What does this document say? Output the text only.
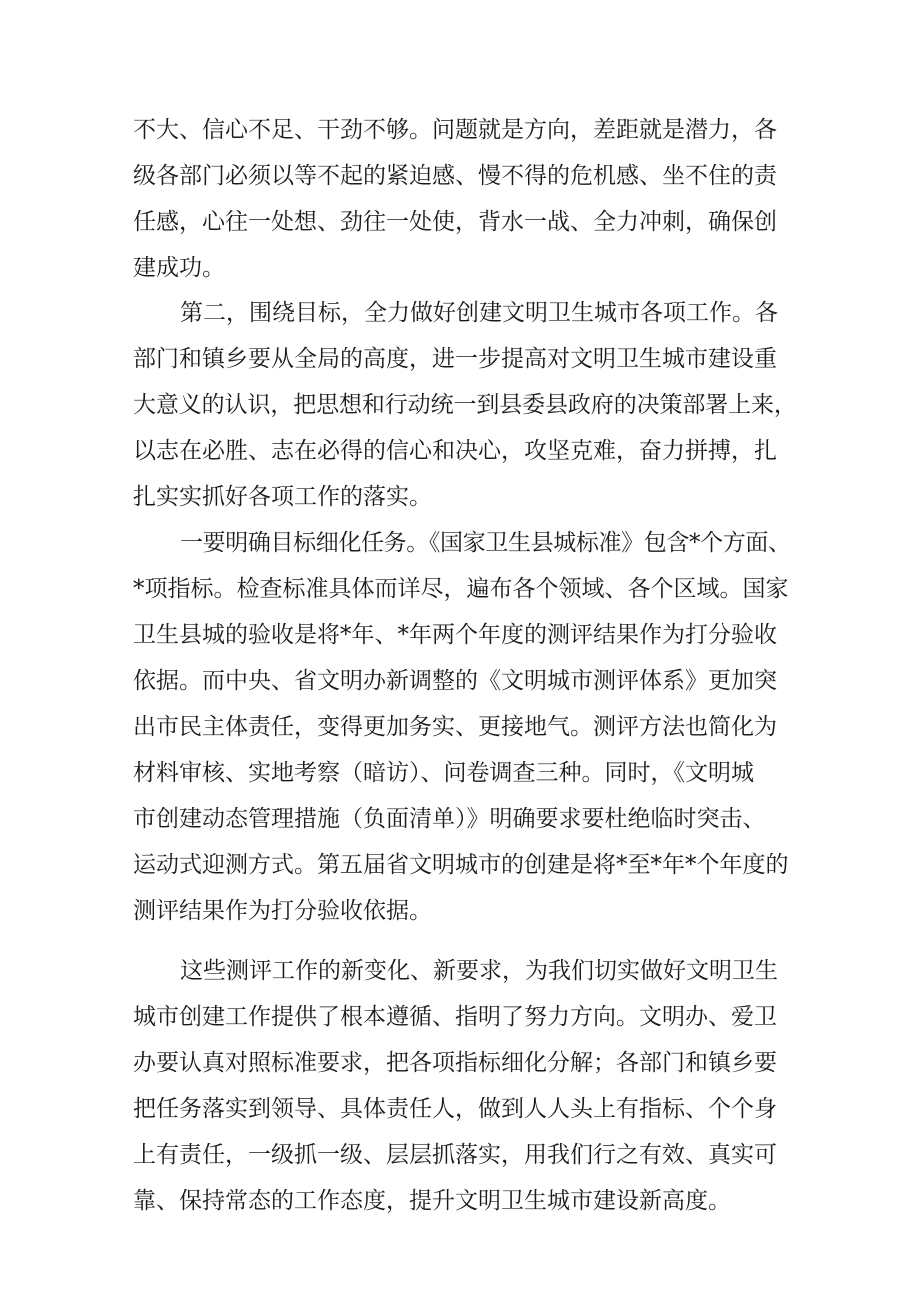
不大、信心不足、干劲不够。问题就是方向，差距就是潜力，各
级各部门必须以等不起的紧迫感、慢不得的危机感、坐不住的责
任感，心往一处想、劲往一处使，背水一战、全力冲刺，确保创
建成功。
第二，围绕目标，全力做好创建文明卫生城市各项工作。各
部门和镇乡要从全局的高度，进一步提高对文明卫生城市建设重
大意义的认识，把思想和行动统一到县委县政府的决策部署上来，
以志在必胜、志在必得的信心和决心，攻坚克难，奋力拼搏，扎
扎实实抓好各项工作的落实。
一要明确目标细化任务。《国家卫生县城标准》包含*个方面、
*项指标。检查标准具体而详尽，遍布各个领域、各个区域。国家
卫生县城的验收是将*年、*年两个年度的测评结果作为打分验收
依据。而中央、省文明办新调整的《文明城市测评体系》更加突
出市民主体责任，变得更加务实、更接地气。测评方法也简化为
材料审核、实地考察（暗访）、问卷调查三种。同时，《文明城
市创建动态管理措施（负面清单）》明确要求要杜绝临时突击、
运动式迎测方式。第五届省文明城市的创建是将*至*年*个年度的
测评结果作为打分验收依据。
这些测评工作的新变化、新要求，为我们切实做好文明卫生
城市创建工作提供了根本遵循、指明了努力方向。文明办、爱卫
办要认真对照标准要求，把各项指标细化分解；各部门和镇乡要
把任务落实到领导、具体责任人，做到人人头上有指标、个个身
上有责任，一级抓一级、层层抓落实，用我们行之有效、真实可
靠、保持常态的工作态度，提升文明卫生城市建设新高度。
